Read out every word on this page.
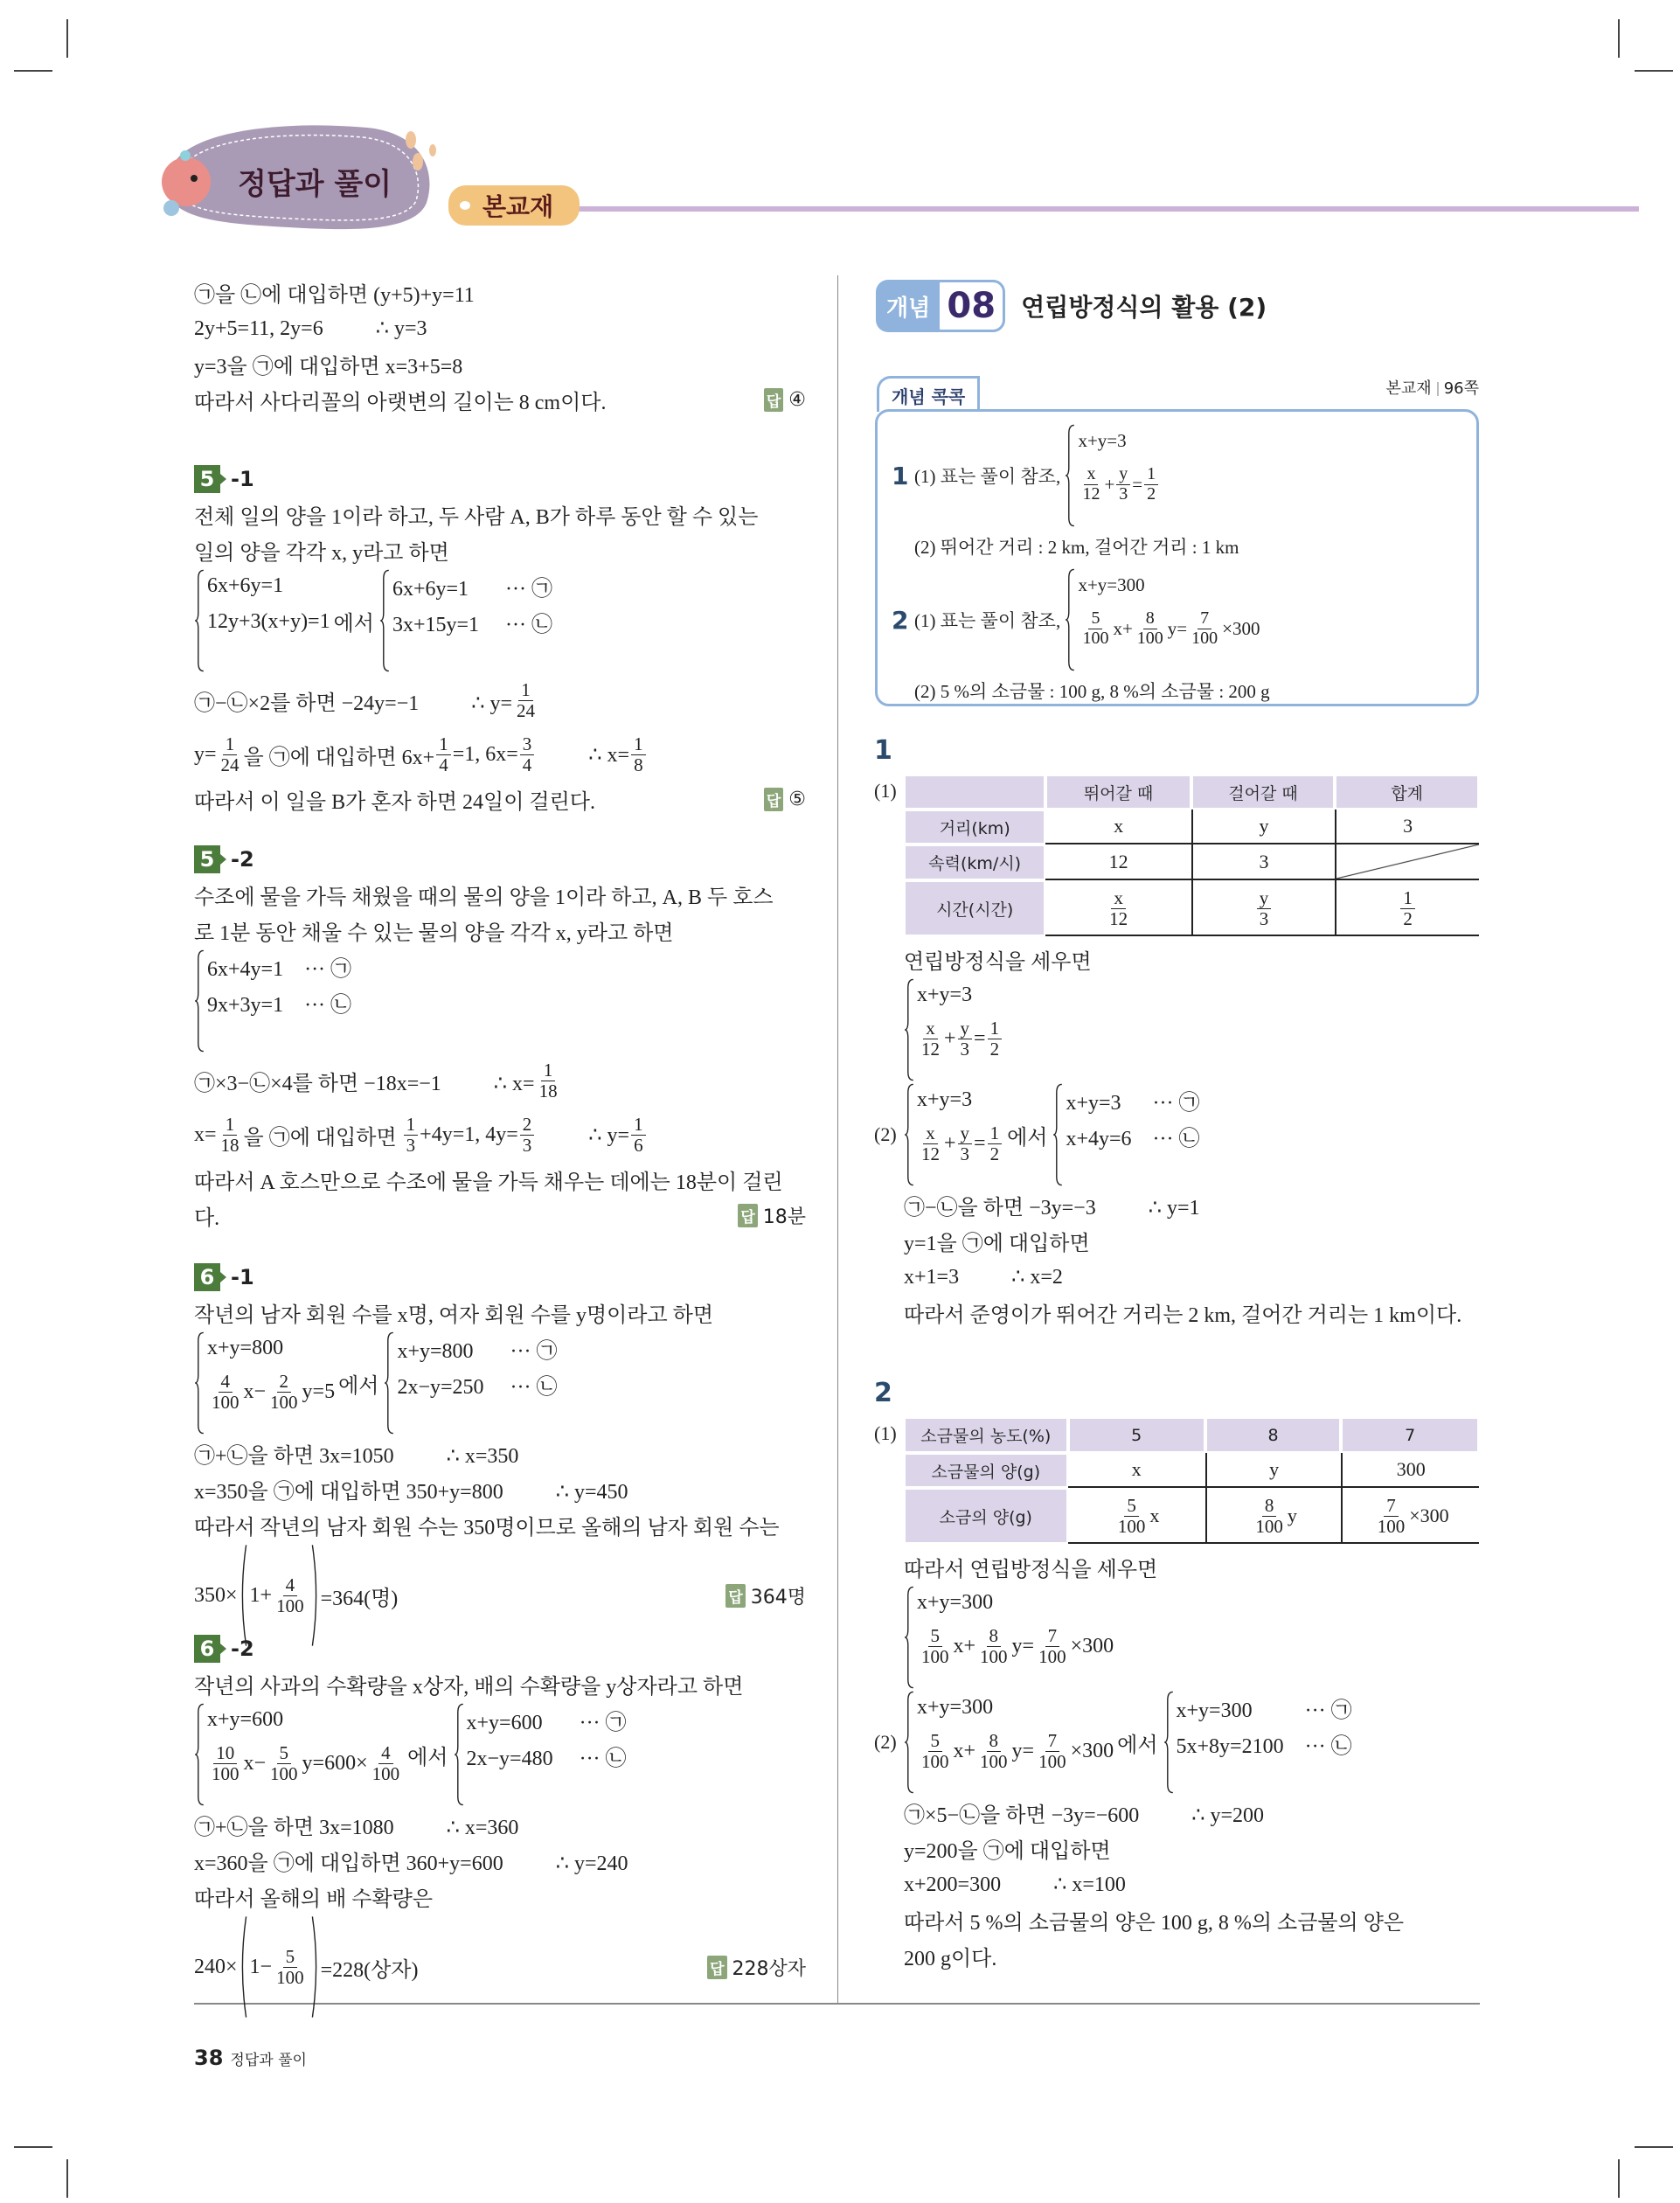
정답과 풀이
본교재
㉠을 ㉡에 대입하면 (y+5)+y=11
2y+5=11, 2y=6          ∴ y=3
y=3을 ㉠에 대입하면 x=3+5=8
따라서 사다리꼴의 아랫변의 길이는 8 cm이다.	답 ④
5 -1
전체 일의 양을 1이라 하고, 두 사람 A, B가 하루 동안 할 수 있는
일의 양을 각각 x, y라고 하면
6x+6y=1
12y+3(x+y)=1 에서
6x+6y=1       ··· ㉠
3x+15y=1     ··· ㉡
㉠−㉡×2를 하면 −24y=−1          ∴ $y= \frac{1}{24}$
$y= \frac{1}{24}$ 을 ㉠에 대입하면 $6x+ \frac{1}{4} =1$, $6x= \frac{3}{4}$ ∴ $x= \frac{1}{8}$
따라서 이 일을 B가 혼자 하면 24일이 걸린다.	답 ⑤
5 -2
수조에 물을 가득 채웠을 때의 물의 양을 1이라 하고, A, B 두 호스
로 1분 동안 채울 수 있는 물의 양을 각각 x, y라고 하면
6x+4y=1    ··· ㉠
9x+3y=1    ··· ㉡
㉠×3−㉡×4를 하면 −18x=−1          ∴ $x= \frac{1}{18}$
$x= \frac{1}{18}$ 을 ㉠에 대입하면 $\frac{1}{3} +4y=1$, $4y= \frac{2}{3}$ ∴ $y= \frac{1}{6}$
따라서 A 호스만으로 수조에 물을 가득 채우는 데에는 18분이 걸린
다.	답 18분
6 -1
작년의 남자 회원 수를 x명, 여자 회원 수를 y명이라고 하면
x+y=800
$\frac{4}{100} x- \frac{2}{100} y=5$ 에서
x+y=800       ··· ㉠
2x−y=250     ··· ㉡
㉠+㉡을 하면 3x=1050          ∴ x=350
x=350을 ㉠에 대입하면 350+y=800          ∴ y=450
따라서 작년의 남자 회원 수는 350명이므로 올해의 남자 회원 수는
$350\times 1+ \frac{4}{100} =364$(명)	답 364명
6 -2
작년의 사과의 수확량을 x상자, 배의 수확량을 y상자라고 하면
x+y=600
$\frac{10}{100} x- \frac{5}{100} y=600\times \frac{4}{100}$ 에서
x+y=600       ··· ㉠
2x−y=480     ··· ㉡
㉠+㉡을 하면 3x=1080          ∴ x=360
x=360을 ㉠에 대입하면 360+y=600          ∴ y=240
따라서 올해의 배 수확량은
$240\times 1- \frac{5}{100} =228$(상자)	답 228상자
개념 08	연립방정식의 활용 (2)
개념 콕콕	본교재 96쪽
1 (1) 표는 풀이 참조,
x+y=3
$\frac{x}{12} + \frac{y}{3} = \frac{1}{2}$
(2) 뛰어간 거리 : 2 km, 걸어간 거리 : 1 km
2 (1) 표는 풀이 참조,
x+y=300
$\frac{5}{100} x+ \frac{8}{100} y= \frac{7}{100} \times 300$
(2) 5 %의 소금물 : 100 g, 8 %의 소금물 : 200 g
1
(1)

	뛰어갈 때	걸어갈 때	합계

거리(km)	x	y	3

속력(km/시)	12	3	

시간(시간)	$\frac{x}{12}$	$\frac{y}{3}$	$\frac{1}{2}$
연립방정식을 세우면
x+y=3
$\frac{x}{12} + \frac{y}{3} = \frac{1}{2}$
(2)
x+y=3
$\frac{x}{12} + \frac{y}{3} = \frac{1}{2}$ 에서
x+y=3      ··· ㉠
x+4y=6    ··· ㉡
㉠−㉡을 하면 −3y=−3          ∴ y=1
y=1을 ㉠에 대입하면
x+1=3          ∴ x=2
따라서 준영이가 뛰어간 거리는 2 km, 걸어간 거리는 1 km이다.
2
(1) 소금물의 농도(%)	5	8	7

소금물의 양(g)	x	y	300

소금의 양(g)	$\frac{5}{100}$ x	$\frac{8}{100}$ y	$\frac{7}{100} \times 300$
따라서 연립방정식을 세우면
x+y=300
$\frac{5}{100} x+ \frac{8}{100} y= \frac{7}{100} \times 300$
(2)
x+y=300
$\frac{5}{100} x+ \frac{8}{100} y= \frac{7}{100} \times 300$ 에서
x+y=300          ··· ㉠
5x+8y=2100    ··· ㉡
㉠×5−㉡을 하면 −3y=−600          ∴ y=200
y=200을 ㉠에 대입하면
x+200=300          ∴ x=100
따라서 5 %의 소금물의 양은 100 g, 8 %의 소금물의 양은
200 g이다.
38 정답과 풀이
